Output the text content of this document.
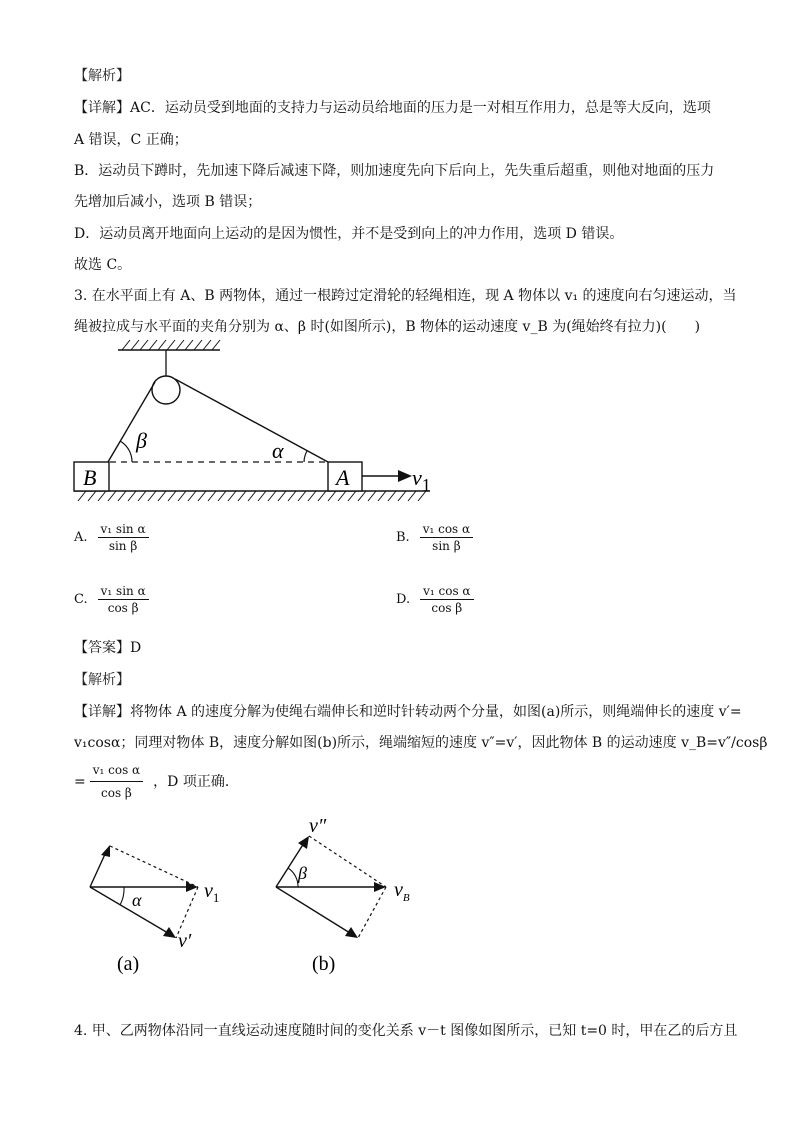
【解析】
【详解】AC．运动员受到地面的支持力与运动员给地面的压力是一对相互作用力，总是等大反向，选项
A 错误，C 正确；
B．运动员下蹲时，先加速下降后减速下降，则加速度先向下后向上，先失重后超重，则他对地面的压力
先增加后减小，选项 B 错误；
D．运动员离开地面向上运动的是因为惯性，并不是受到向上的冲力作用，选项 D 错误。
故选 C。
3. 在水平面上有 A、B 两物体，通过一根跨过定滑轮的轻绳相连，现 A 物体以 v₁ 的速度向右匀速运动，当
绳被拉成与水平面的夹角分别为 α、β 时(如图所示)，B 物体的运动速度 v_B 为(绳始终有拉力)(　　)
B	A	$v_1$
β	α
A. $\frac{\text{v₁ sin α}}{\text{sin β}}$	B. $\frac{\text{v₁ cos α}}{\text{sin β}}$
C. $\frac{\text{v₁ sin α}}{\text{cos β}}$	D. $\frac{\text{v₁ cos α}}{\text{cos β}}$
【答案】D
【解析】
【详解】将物体 A 的速度分解为使绳右端伸长和逆时针转动两个分量，如图(a)所示，则绳端伸长的速度 v′=
v₁cosα；同理对物体 B，速度分解如图(b)所示，绳端缩短的速度 v″=v′，因此物体 B 的运动速度 v_B=v″/cosβ
= $\frac{\text{v₁ cos α}}{\text{cos β}}$ ，D 项正确．
α	$v_1$
v′
(a)
β
v″
$v_B$
(b)
4. 甲、乙两物体沿同一直线运动速度随时间的变化关系 v－t 图像如图所示，已知 t=0 时，甲在乙的后方且
